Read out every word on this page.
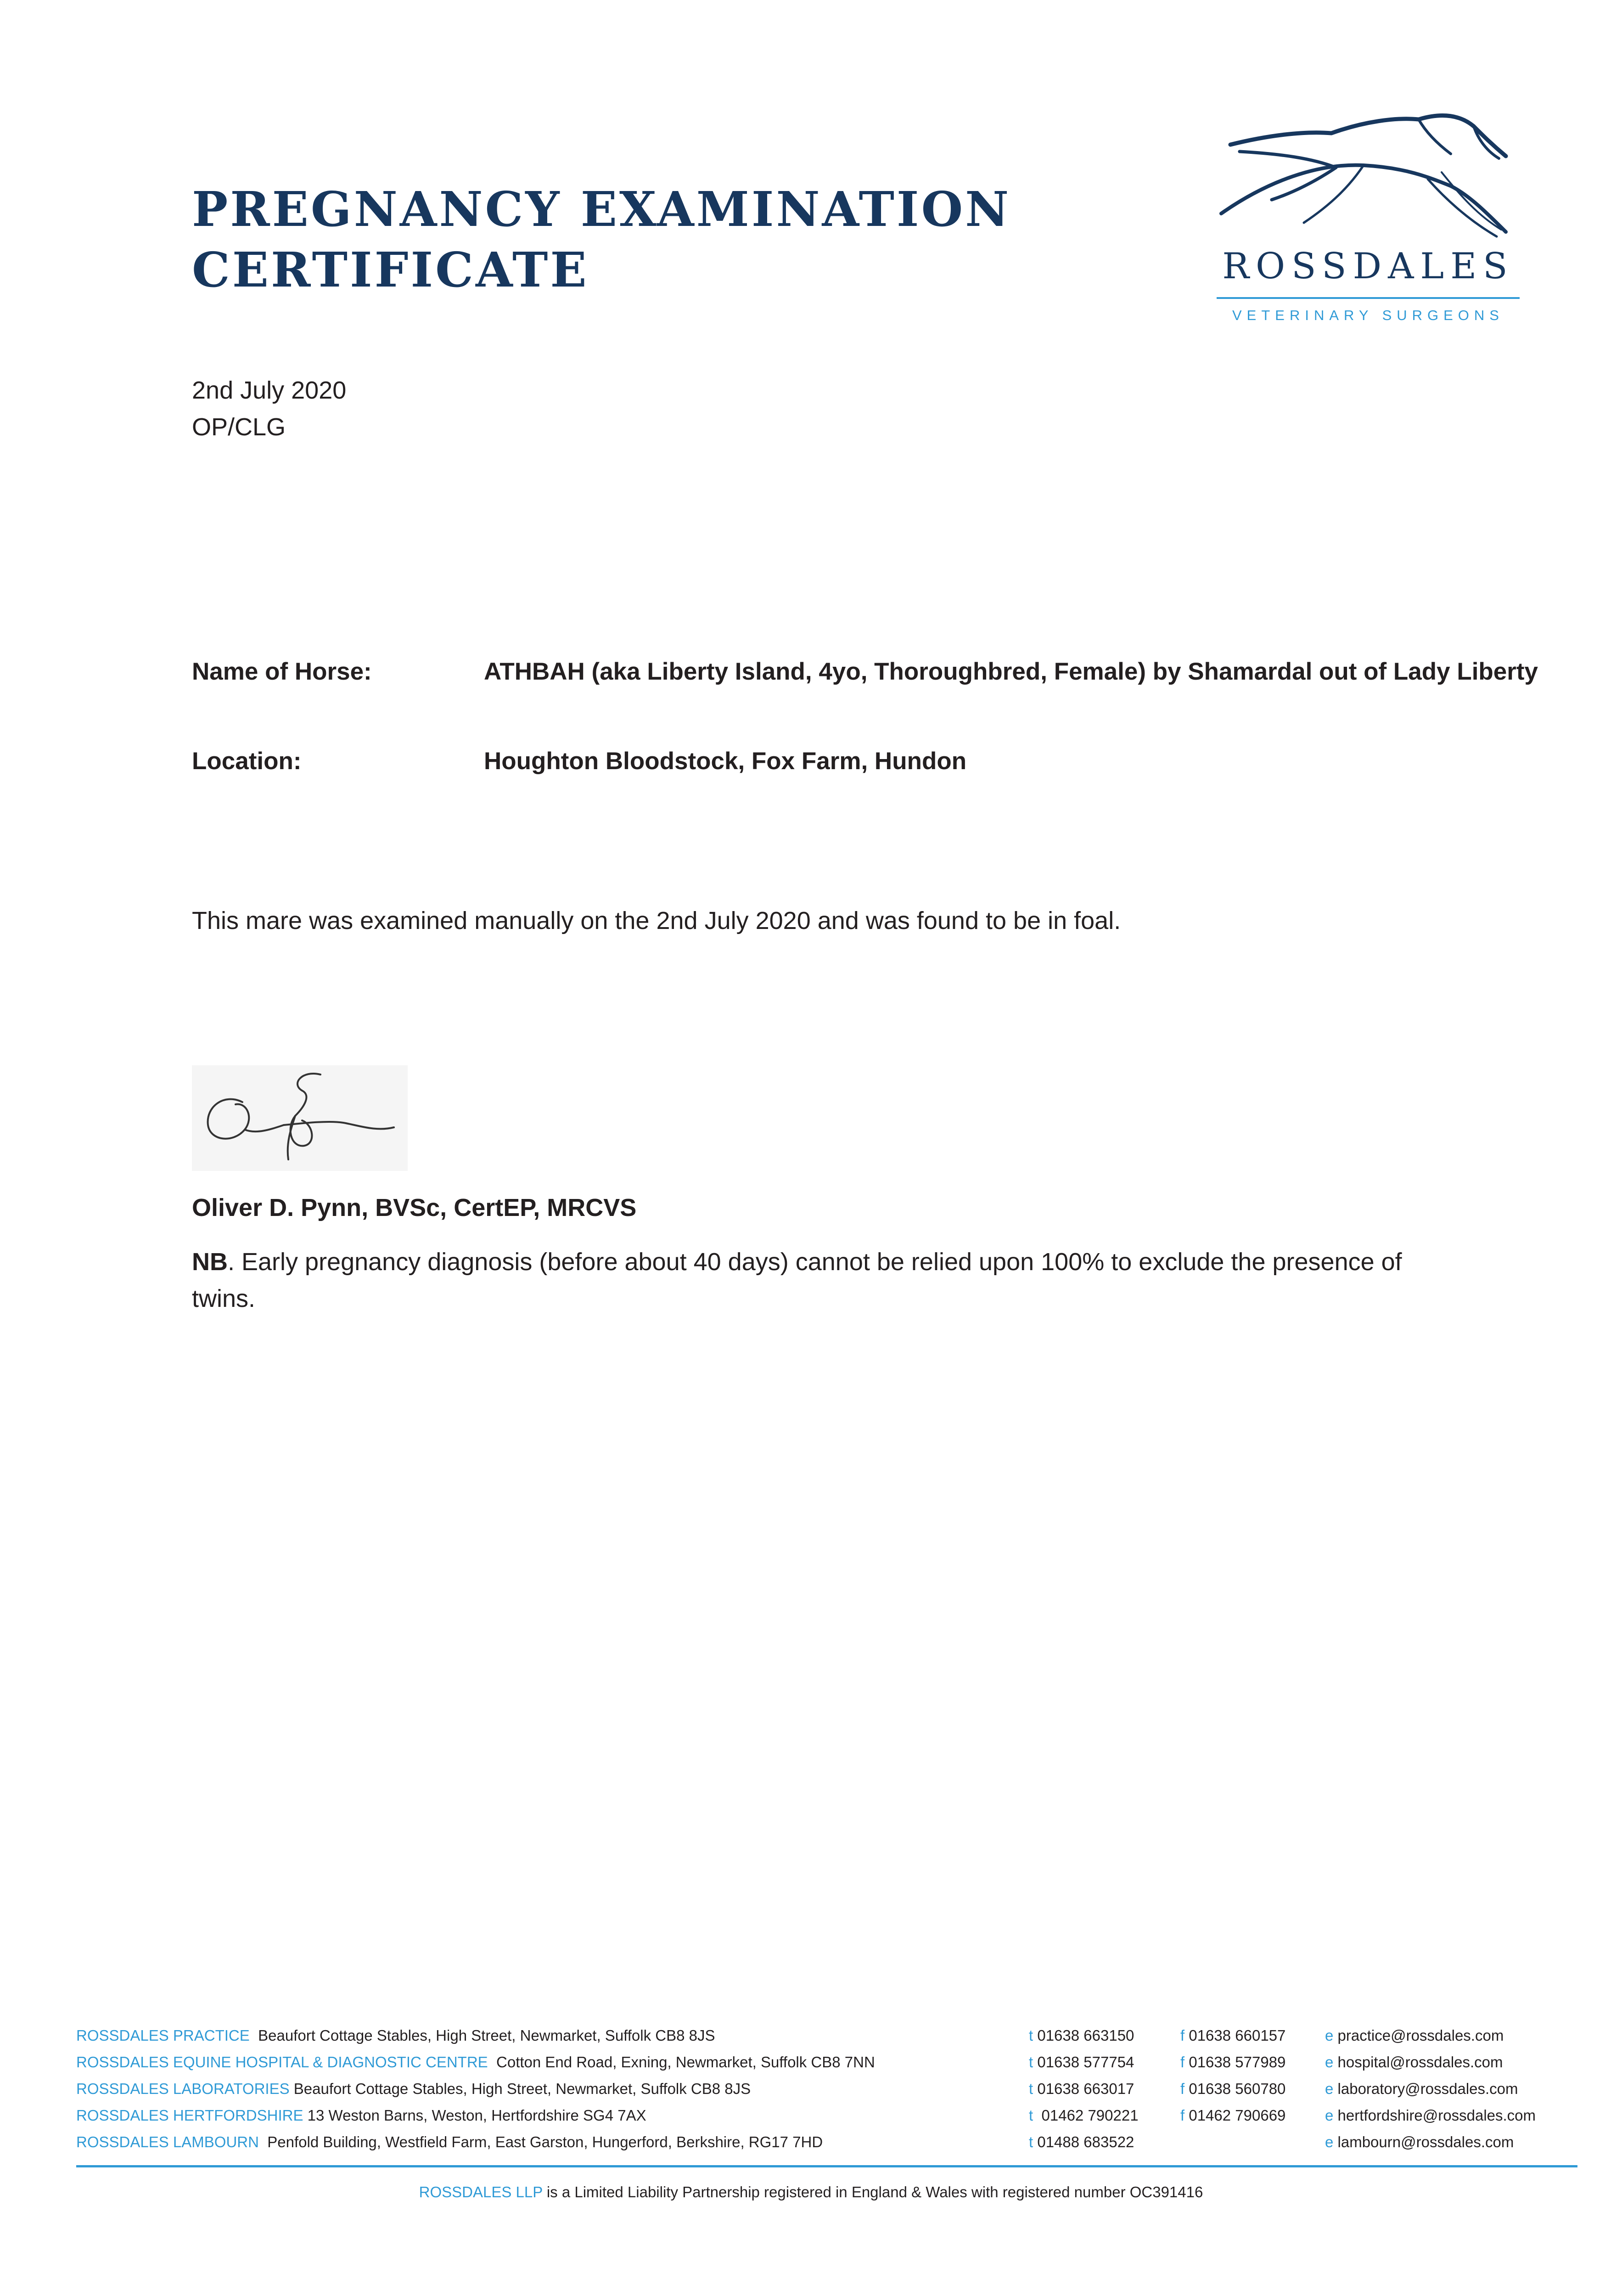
PREGNANCY EXAMINATION
CERTIFICATE	ROSSDALES
VETERINARY SURGEONS
2nd July 2020
OP/CLG
Name of Horse:	ATHBAH (aka Liberty Island, 4yo, Thoroughbred, Female) by Shamardal out of Lady Liberty
Location:	Houghton Bloodstock, Fox Farm, Hundon
This mare was examined manually on the 2nd July 2020 and was found to be in foal.
Oliver D. Pynn, BVSc, CertEP, MRCVS
NB. Early pregnancy diagnosis (before about 40 days) cannot be relied upon 100% to exclude the presence of twins.
ROSSDALES PRACTICE Beaufort Cottage Stables, High Street, Newmarket, Suffolk CB8 8JS	t 01638 663150	f 01638 660157	e practice@rossdales.com
ROSSDALES EQUINE HOSPITAL & DIAGNOSTIC CENTRE Cotton End Road, Exning, Newmarket, Suffolk CB8 7NN	t 01638 577754	f 01638 577989	e hospital@rossdales.com
ROSSDALES LABORATORIES Beaufort Cottage Stables, High Street, Newmarket, Suffolk CB8 8JS	t 01638 663017	f 01638 560780	e laboratory@rossdales.com
ROSSDALES HERTFORDSHIRE 13 Weston Barns, Weston, Hertfordshire SG4 7AX	t 01462 790221	f 01462 790669	e hertfordshire@rossdales.com
ROSSDALES LAMBOURN Penfold Building, Westfield Farm, East Garston, Hungerford, Berkshire, RG17 7HD	t 01488 683522	e lambourn@rossdales.com
ROSSDALES LLP is a Limited Liability Partnership registered in England & Wales with registered number OC391416
